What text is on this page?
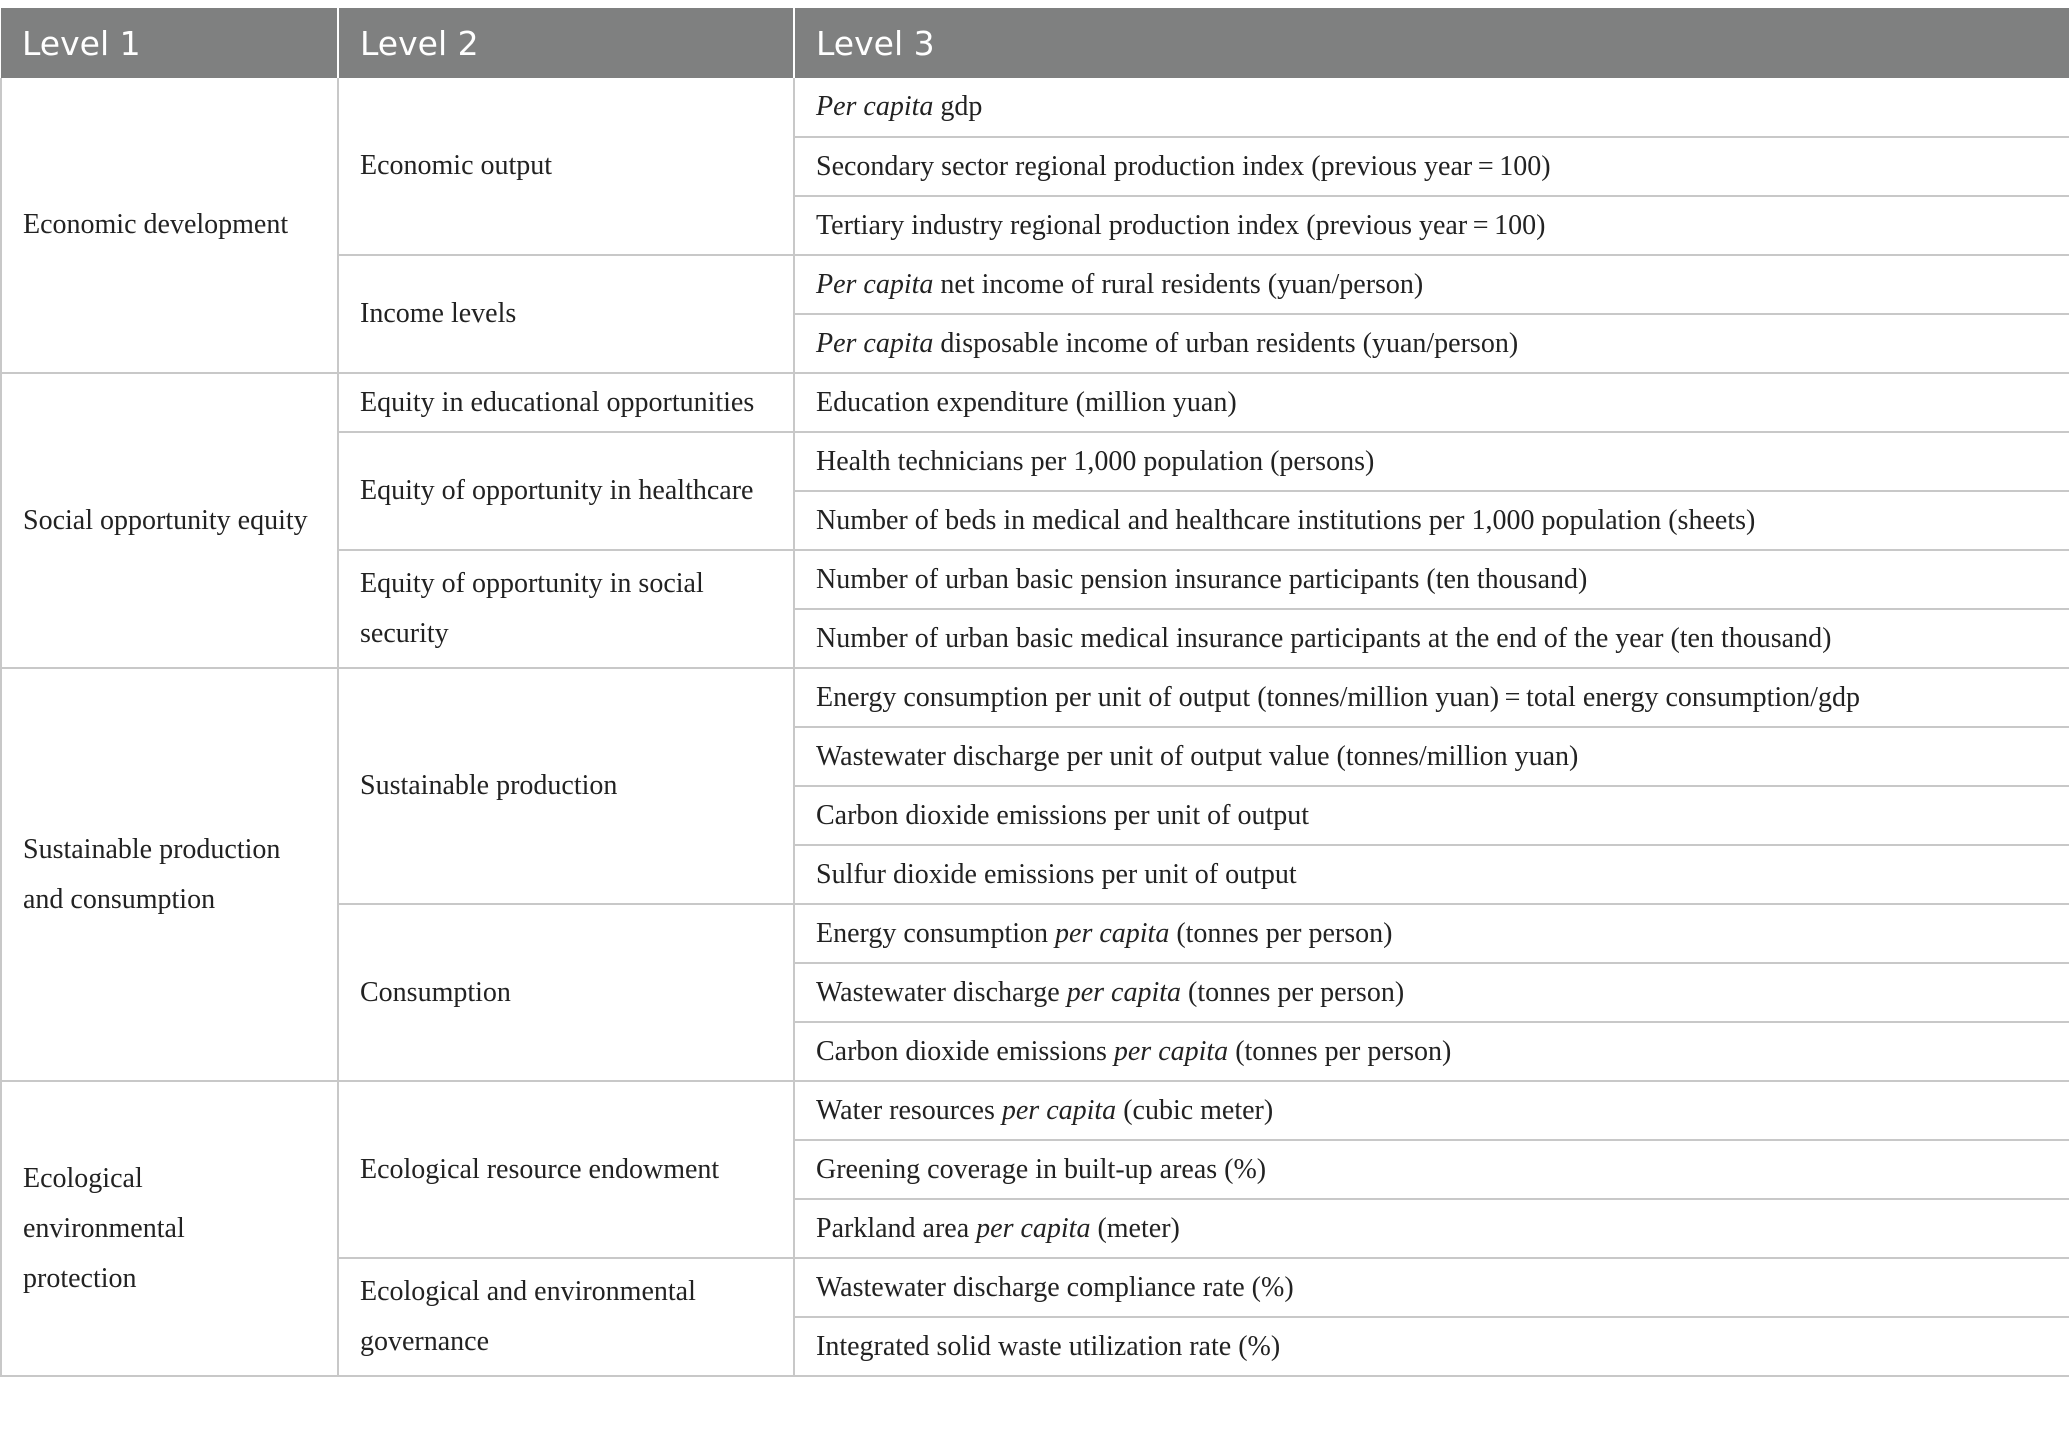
Level 1	Level 2	Level 3
Economic development	Economic output	Per capita gdp
		Secondary sector regional production index (previous year = 100)
		Tertiary industry regional production index (previous year = 100)
	Income levels	Per capita net income of rural residents (yuan/person)
		Per capita disposable income of urban residents (yuan/person)
Social opportunity equity	Equity in educational opportunities	Education expenditure (million yuan)
	Equity of opportunity in healthcare	Health technicians per 1,000 population (persons)
		Number of beds in medical and healthcare institutions per 1,000 population (sheets)
	Equity of opportunity in social security	Number of urban basic pension insurance participants (ten thousand)
		Number of urban basic medical insurance participants at the end of the year (ten thousand)
Sustainable production and consumption	Sustainable production	Energy consumption per unit of output (tonnes/million yuan) = total energy consumption/gdp
		Wastewater discharge per unit of output value (tonnes/million yuan)
		Carbon dioxide emissions per unit of output
		Sulfur dioxide emissions per unit of output
	Consumption	Energy consumption per capita (tonnes per person)
		Wastewater discharge per capita (tonnes per person)
		Carbon dioxide emissions per capita (tonnes per person)
Ecological environmental protection	Ecological resource endowment	Water resources per capita (cubic meter)
		Greening coverage in built-up areas (%)
		Parkland area per capita (meter)
	Ecological and environmental governance	Wastewater discharge compliance rate (%)
		Integrated solid waste utilization rate (%)
